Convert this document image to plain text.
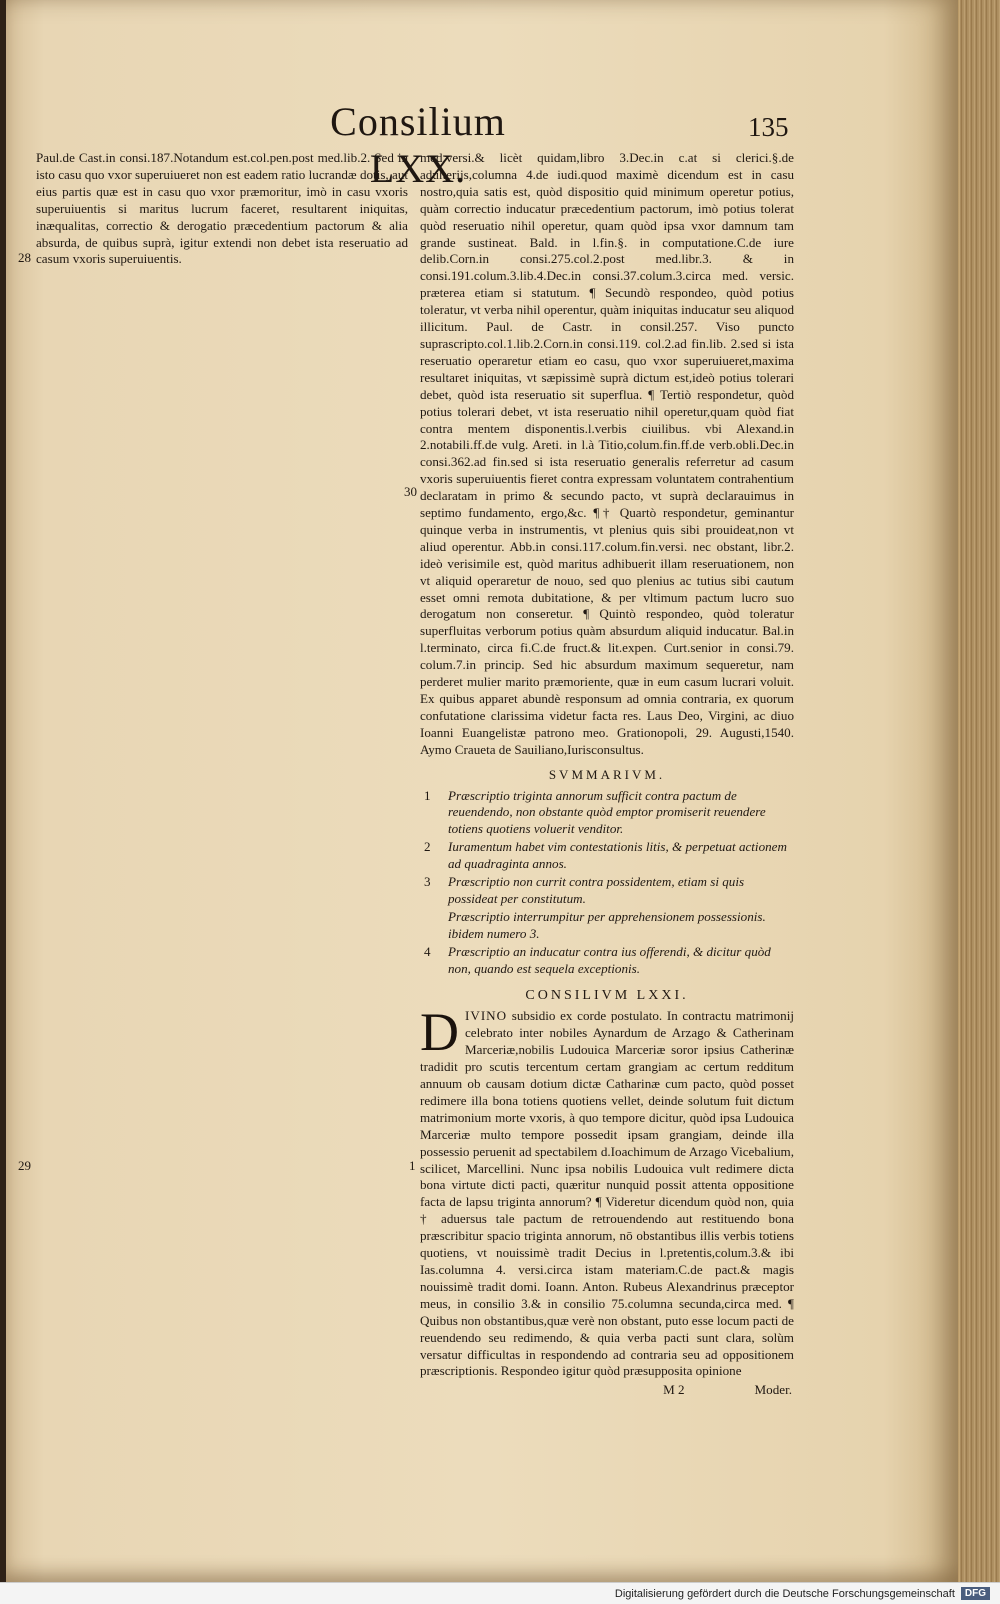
Consilium LXX.
135
28
29
30
1

Paul.de Cast.in consi.187.Notandum est.col.pen.post med.lib.2. Sed in isto casu quo vxor superuiueret non est eadem ratio lucrandæ dotis, aut eius partis quæ est in casu quo vxor præmoritur, imò in casu vxoris superuiuentis si maritus lucrum faceret, resultarent iniquitas, inæqualitas, correctio & derogatio præcedentium pactorum & alia absurda, de quibus suprà, igitur extendi non debet ista reseruatio ad casum vxoris superuiuentis.

med.versi.& licèt quidam,libro 3.Dec.in c.at si clerici.§.de adulterijs,columna 4.de iudi.quod maximè dicendum est in casu nostro,quia satis est, quòd dispositio quid minimum operetur potius, quàm correctio inducatur præcedentium pactorum, imò potius tolerat quòd reseruatio nihil operetur, quam quòd ipsa vxor damnum tam grande sustineat. Bald. in l.fin.§. in computatione.C.de iure delib.Corn.in consi.275.col.2.post med.libr.3. & in consi.191.colum.3.lib.4.Dec.in consi.37.colum.3.circa med. versic. præterea etiam si statutum. ¶ Secundò respondeo, quòd potius toleratur, vt verba nihil operentur, quàm iniquitas inducatur seu aliquod illicitum. Paul. de Castr. in consil.257. Viso puncto suprascripto.col.1.lib.2.Corn.in consi.119. col.2.ad fin.lib. 2.sed si ista reseruatio operaretur etiam eo casu, quo vxor superuiueret,maxima resultaret iniquitas, vt sæpissimè suprà dictum est,ideò potius tolerari debet, quòd ista reseruatio sit superflua. ¶ Tertiò respondetur, quòd potius tolerari debet, vt ista reseruatio nihil operetur,quam quòd fiat contra mentem disponentis.l.verbis ciuilibus. vbi Alexand.in 2.notabili.ff.de vulg. Areti. in l.à Titio,colum.fin.ff.de verb.obli.Dec.in consi.362.ad fin.sed si ista reseruatio generalis referretur ad casum vxoris superuiuentis fieret contra expressam voluntatem contrahentium declaratam in primo & secundo pacto, vt suprà declarauimus in septimo fundamento, ergo,&c. ¶† Quartò respondetur, geminantur quinque verba in instrumentis, vt plenius quis sibi prouideat,non vt aliud operentur. Abb.in consi.117.colum.fin.versi. nec obstant, libr.2. ideò verisimile est, quòd maritus adhibuerit illam reseruationem, non vt aliquid operaretur de nouo, sed quo plenius ac tutius sibi cautum esset omni remota dubitatione, & per vltimum pactum lucro suo derogatum non conseretur. ¶ Quintò respondeo, quòd toleratur superfluitas verborum potius quàm absurdum aliquid inducatur. Bal.in l.terminato, circa fi.C.de fruct.& lit.expen. Curt.senior in consi.79. colum.7.in princip. Sed hic absurdum maximum sequeretur, nam perderet mulier marito præmoriente, quæ in eum casum lucrari voluit. Ex quibus apparet abundè responsum ad omnia contraria, ex quorum confutatione clarissima videtur facta res. Laus Deo, Virgini, ac diuo Ioanni Euangelistæ patrono meo. Grationopoli, 29. Augusti,1540. Aymo Craueta de Sauiliano,Iurisconsultus.

SVMMARIVM.
1	Præscriptio triginta annorum sufficit contra pactum de reuendendo, non obstante quòd emptor promiserit reuendere totiens quotiens voluerit venditor.
2	Iuramentum habet vim contestationis litis, & perpetuat actionem ad quadraginta annos.
3	Præscriptio non currit contra possidentem, etiam si quis possideat per constitutum.
Præscriptio interrumpitur per apprehensionem possessionis. ibidem numero 3.
4	Præscriptio an inducatur contra ius offerendi, & dicitur quòd non, quando est sequela exceptionis.
CONSILIVM LXXI.
DIVINO subsidio ex corde postulato. In contractu matrimonij celebrato inter nobiles Aynardum de Arzago & Catherinam Marceriæ,nobilis Ludouica Marceriæ soror ipsius Catherinæ tradidit pro scutis tercentum certam grangiam ac certum redditum annuum ob causam dotium dictæ Catharinæ cum pacto, quòd posset redimere illa bona totiens quotiens vellet, deinde solutum fuit dictum matrimonium morte vxoris, à quo tempore dicitur, quòd ipsa Ludouica Marceriæ multo tempore possedit ipsam grangiam, deinde illa possessio peruenit ad spectabilem d.Ioachimum de Arzago Vicebalium, scilicet, Marcellini. Nunc ipsa nobilis Ludouica vult redimere dicta bona virtute dicti pacti, quæritur nunquid possit attenta oppositione facta de lapsu triginta annorum? ¶ Videretur dicendum quòd non, quia † aduersus tale pactum de retrouendendo aut restituendo bona præscribitur spacio triginta annorum, nō obstantibus illis verbis totiens quotiens, vt nouissimè tradit Decius in l.pretentis,colum.3.& ibi Ias.columna 4. versi.circa istam materiam.C.de pact.& magis nouissimè tradit domi. Ioann. Anton. Rubeus Alexandrinus præceptor meus, in consilio 3.& in consilio 75.columna secunda,circa med. ¶ Quibus non obstantibus,quæ verè non obstant, puto esse locum pacti de reuendendo seu redimendo, & quia verba pacti sunt clara, solùm versatur difficultas in respondendo ad contraria seu ad oppositionem præscriptionis. Respondeo igitur quòd præsupposita opinione
M 2	Moder.
Digitalisierung gefördert durch die Deutsche Forschungsgemeinschaft	DFG
